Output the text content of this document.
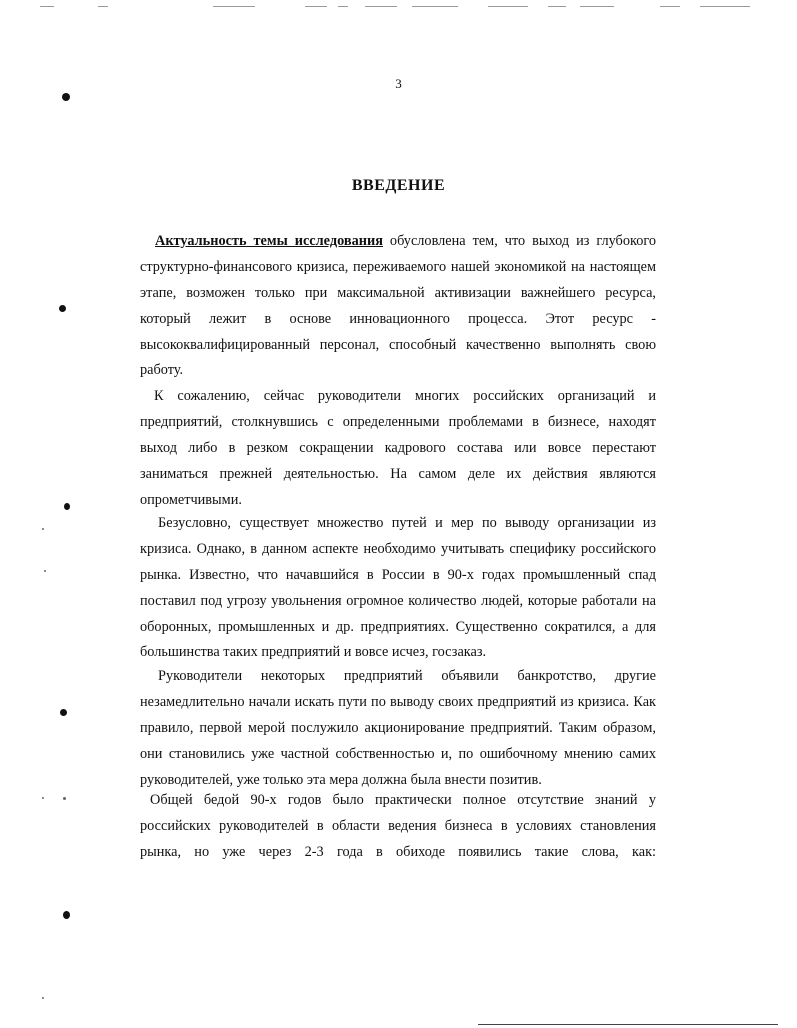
3
ВВЕДЕНИЕ
Актуальность темы исследования обусловлена тем, что выход из глубокого
структурно-финансового кризиса, переживаемого нашей экономикой на настоящем
этапе, возможен только при максимальной активизации важнейшего ресурса,
который лежит в основе инновационного процесса. Этот ресурс -
высококвалифицированный персонал, способный качественно выполнять свою
работу.
К сожалению, сейчас руководители многих российских организаций и
предприятий, столкнувшись с определенными проблемами в бизнесе, находят
выход либо в резком сокращении кадрового состава или вовсе перестают
заниматься прежней деятельностью. На самом деле их действия являются
опрометчивыми.
Безусловно, существует множество путей и мер по выводу организации из
кризиса. Однако, в данном аспекте необходимо учитывать специфику российского
рынка. Известно, что начавшийся в России в 90-х годах промышленный спад
поставил под угрозу увольнения огромное количество людей, которые работали на
оборонных, промышленных и др. предприятиях. Существенно сократился, а для
большинства таких предприятий и вовсе исчез, госзаказ.
Руководители некоторых предприятий объявили банкротство, другие
незамедлительно начали искать пути по выводу своих предприятий из кризиса. Как
правило, первой мерой послужило акционирование предприятий. Таким образом,
они становились уже частной собственностью и, по ошибочному мнению самих
руководителей, уже только эта мера должна была внести позитив.
Общей бедой 90-х годов было практически полное отсутствие знаний у
российских руководителей в области ведения бизнеса в условиях становления
рынка, но уже через 2-3 года в обиходе появились такие слова, как:
